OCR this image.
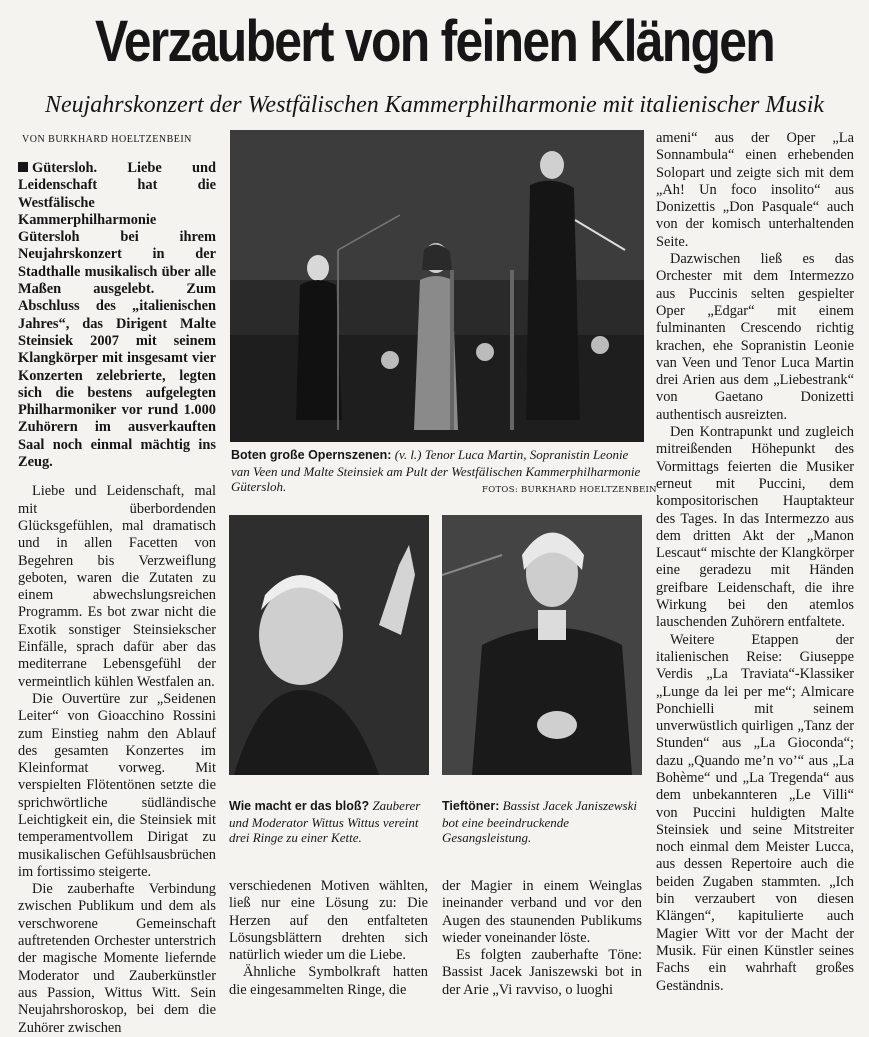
Verzaubert von feinen Klängen
Neujahrskonzert der Westfälischen Kammerphilharmonie mit italienischer Musik
VON BURKHARD HOELTZENBEIN

Gütersloh. Liebe und Leidenschaft hat die Westfälische Kammerphilharmonie Gütersloh bei ihrem Neujahrskonzert in der Stadthalle musikalisch über alle Maßen ausgelebt. Zum Abschluss des „italienischen Jahres“, das Dirigent Malte Steinsiek 2007 mit seinem Klangkörper mit insgesamt vier Konzerten zelebrierte, legten sich die bestens aufgelegten Philharmoniker vor rund 1.000 Zuhörern im ausverkauften Saal noch einmal mächtig ins Zeug.

Liebe und Leidenschaft, mal mit überbordenden Glücksgefühlen, mal dramatisch und in allen Facetten von Begehren bis Verzweiflung geboten, waren die Zutaten zu einem abwechslungsreichen Programm. Es bot zwar nicht die Exotik sonstiger Steinsiekscher Einfälle, sprach dafür aber das mediterrane Lebensgefühl der vermeintlich kühlen Westfalen an.

Die Ouvertüre zur „Seidenen Leiter“ von Gioacchino Rossini zum Einstieg nahm den Ablauf des gesamten Konzertes im Kleinformat vorweg. Mit verspielten Flötentönen setzte die sprichwörtliche südländische Leichtigkeit ein, die Steinsiek mit temperamentvollem Dirigat zu musikalischen Gefühlsausbrüchen im fortissimo steigerte.

Die zauberhafte Verbindung zwischen Publikum und dem als verschworene Gemeinschaft auftretenden Orchester unterstrich der magische Momente liefernde Moderator und Zauberkünstler aus Passion, Wittus Witt. Sein Neujahrshoroskop, bei dem die Zuhörer zwischen

Boten große Opernszenen: (v. l.) Tenor Luca Martin, Sopranistin Leonie van Veen und Malte Steinsiek am Pult der Westfälischen Kammerphilharmonie Gütersloh.	FOTOS: BURKHARD HOELTZENBEIN
Wie macht er das bloß? Zauberer und Moderator Wittus Wittus vereint drei Ringe zu einer Kette.
Tieftöner: Bassist Jacek Janiszewski bot eine beeindruckende Gesangsleistung.

verschiedenen Motiven wählten, ließ nur eine Lösung zu: Die Herzen auf den entfalteten Lösungsblättern drehten sich natürlich wieder um die Liebe.

Ähnliche Symbolkraft hatten die eingesammelten Ringe, die

der Magier in einem Weinglas ineinander verband und vor den Augen des staunenden Publikums wieder voneinander löste.

Es folgten zauberhafte Töne: Bassist Jacek Janiszewski bot in der Arie „Vi ravviso, o luoghi

ameni“ aus der Oper „La Sonnambula“ einen erhebenden Solopart und zeigte sich mit dem „Ah! Un foco insolito“ aus Donizettis „Don Pasquale“ auch von der komisch unterhaltenden Seite.

Dazwischen ließ es das Orchester mit dem Intermezzo aus Puccinis selten gespielter Oper „Edgar“ mit einem fulminanten Crescendo richtig krachen, ehe Sopranistin Leonie van Veen und Tenor Luca Martin drei Arien aus dem „Liebestrank“ von Gaetano Donizetti authentisch ausreizten.

Den Kontrapunkt und zugleich mitreißenden Höhepunkt des Vormittags feierten die Musiker erneut mit Puccini, dem kompositorischen Hauptakteur des Tages. In das Intermezzo aus dem dritten Akt der „Manon Lescaut“ mischte der Klangkörper eine geradezu mit Händen greifbare Leidenschaft, die ihre Wirkung bei den atemlos lauschenden Zuhörern entfaltete.

Weitere Etappen der italienischen Reise: Giuseppe Verdis „La Traviata“-Klassiker „Lunge da lei per me“; Almicare Ponchielli mit seinem unverwüstlich quirligen „Tanz der Stunden“ aus „La Gioconda“; dazu „Quando me’n vo’“ aus „La Bohème“ und „La Tregenda“ aus dem unbekannteren „Le Villi“ von Puccini huldigten Malte Steinsiek und seine Mitstreiter noch einmal dem Meister Lucca, aus dessen Repertoire auch die beiden Zugaben stammten. „Ich bin verzaubert von diesen Klängen“, kapitulierte auch Magier Witt vor der Macht der Musik. Für einen Künstler seines Fachs ein wahrhaft großes Geständnis.
